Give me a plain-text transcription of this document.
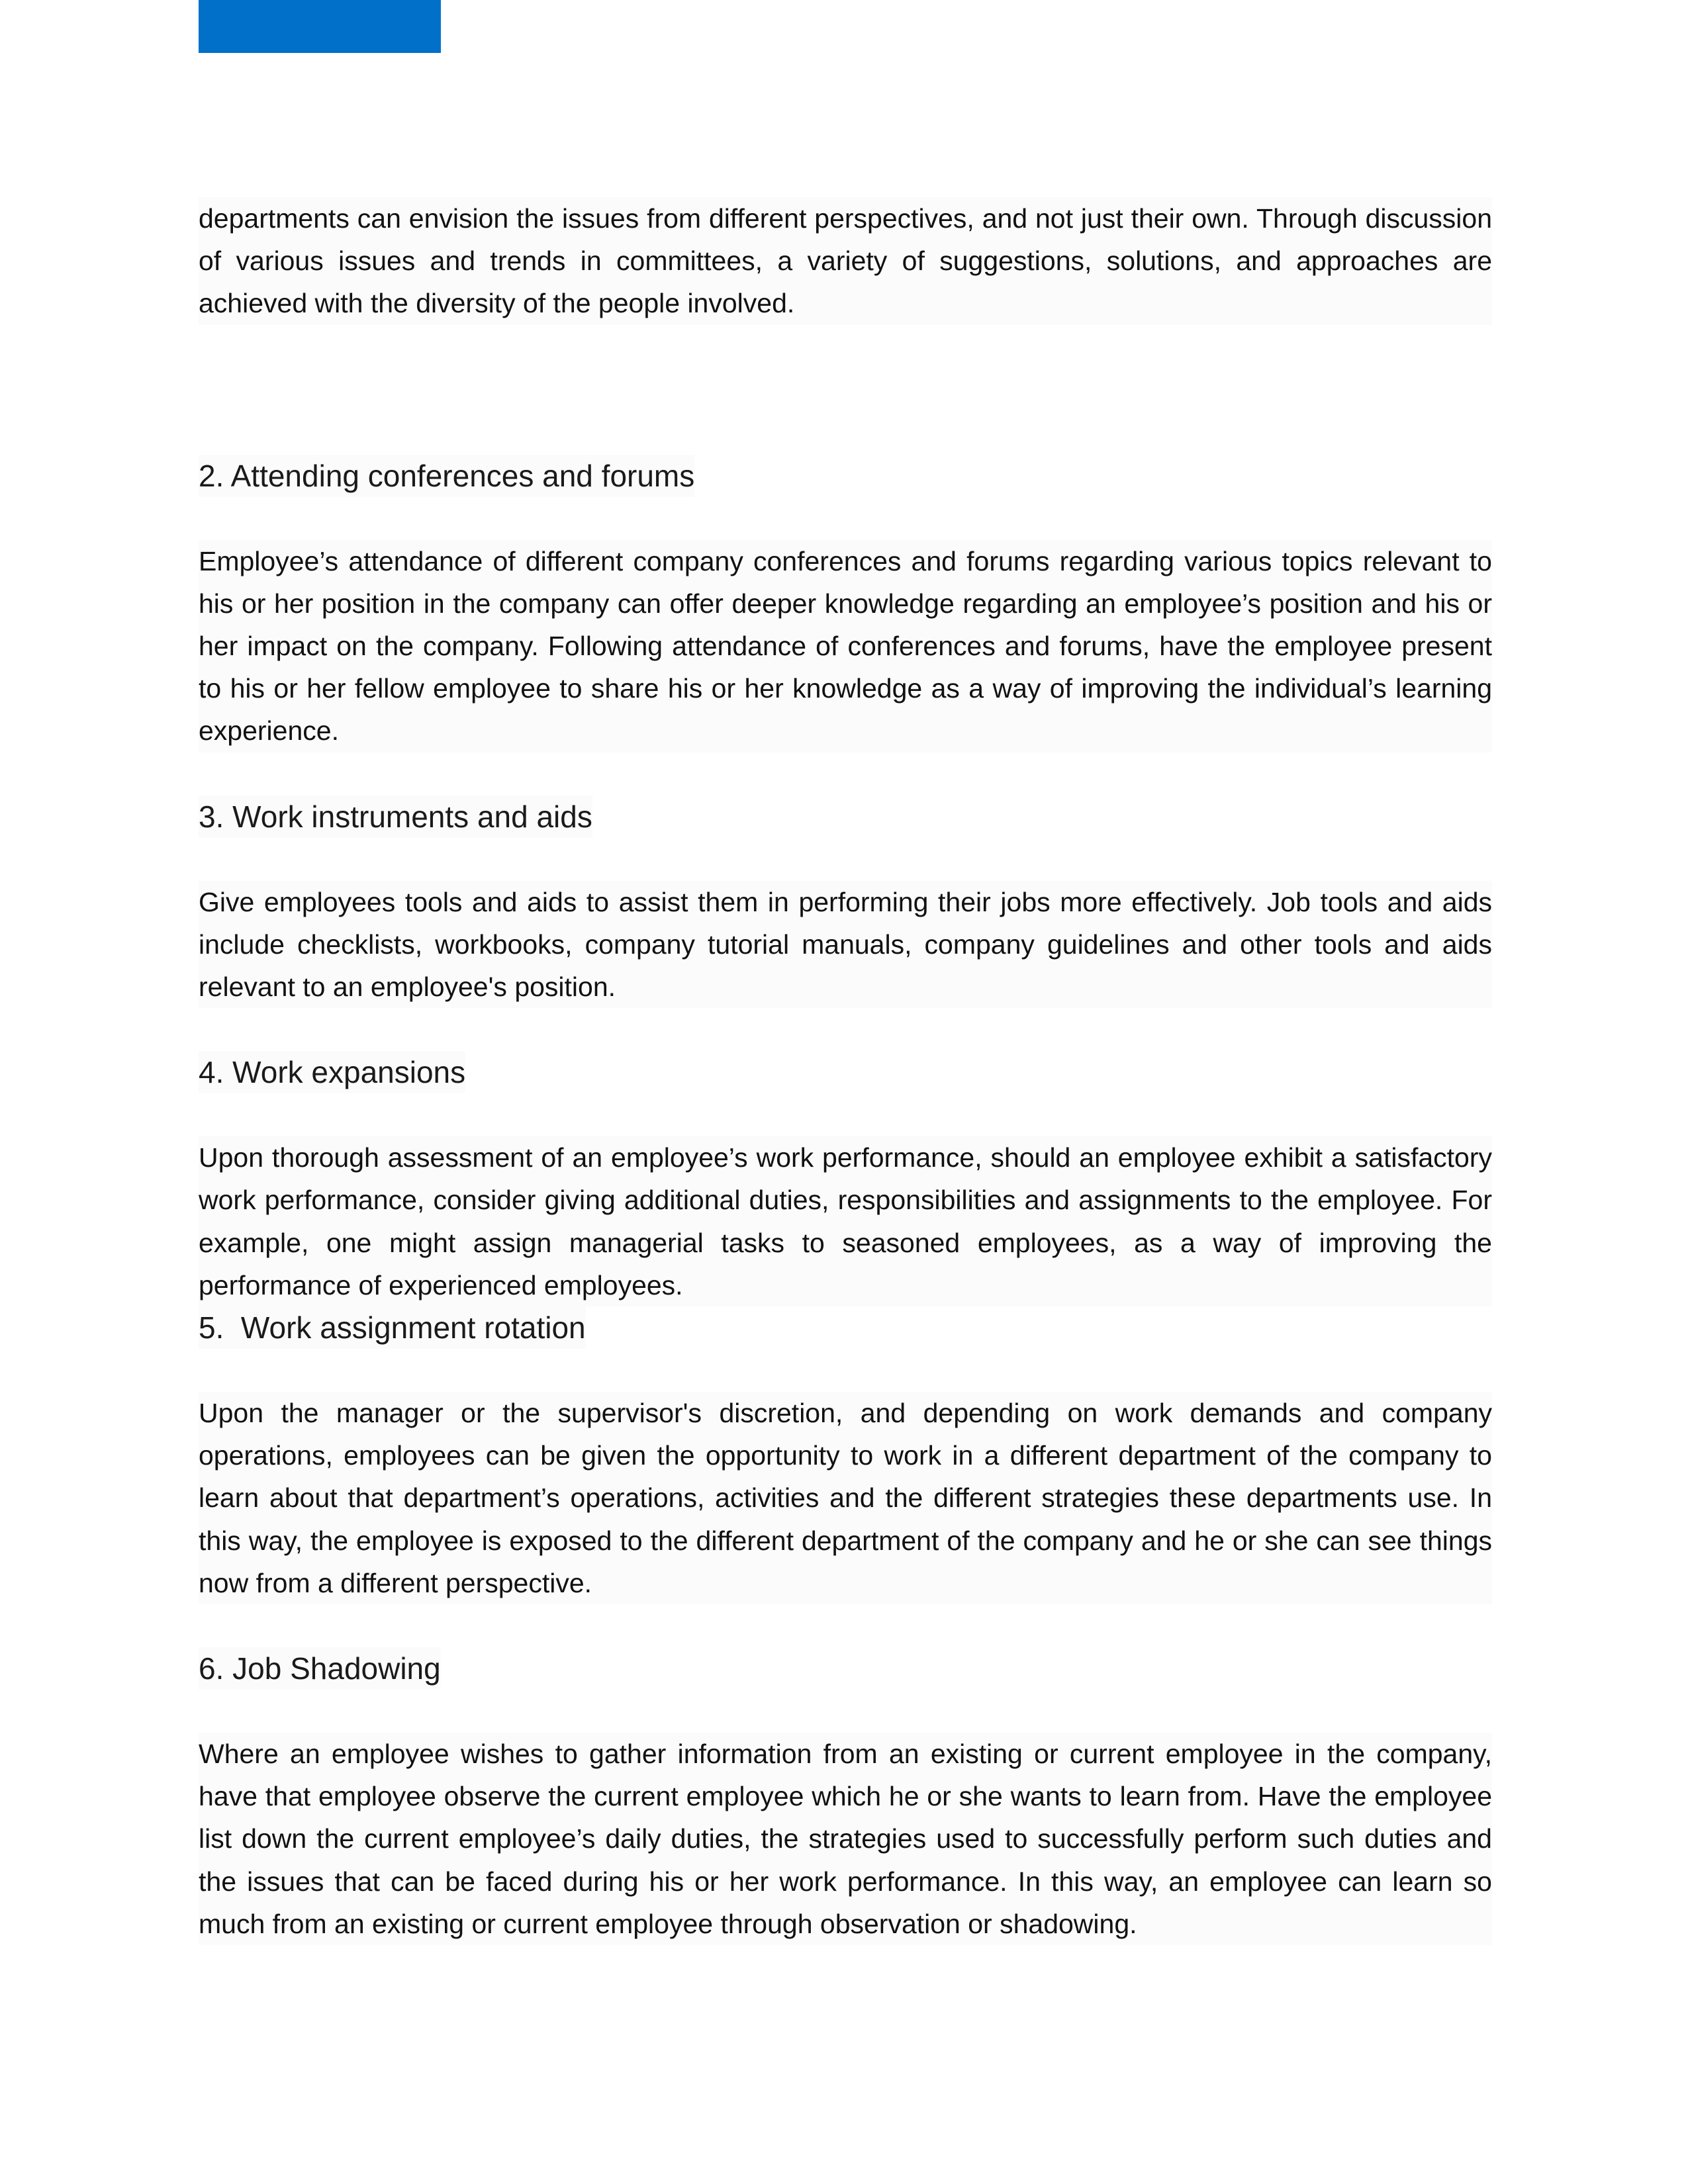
departments can envision the issues from different perspectives, and not just their own. Through discussion of various issues and trends in committees, a variety of suggestions, solutions, and approaches are achieved with the diversity of the people involved.

2. Attending conferences and forums

Employee’s attendance of different company conferences and forums regarding various topics relevant to his or her position in the company can offer deeper knowledge regarding an employee’s position and his or her impact on the company. Following attendance of conferences and forums, have the employee present to his or her fellow employee to share his or her knowledge as a way of improving the individual’s learning experience.

3. Work instruments and aids

Give employees tools and aids to assist them in performing their jobs more effectively. Job tools and aids include checklists, workbooks, company tutorial manuals, company guidelines and other tools and aids relevant to an employee's position.

4. Work expansions

Upon thorough assessment of an employee’s work performance, should an employee exhibit a satisfactory work performance, consider giving additional duties, responsibilities and assignments to the employee. For example, one might assign managerial tasks to seasoned employees, as a way of improving the performance of experienced employees.

5.  Work assignment rotation

Upon the manager or the supervisor's discretion, and depending on work demands and company operations, employees can be given the opportunity to work in a different department of the company to learn about that department’s operations, activities and the different strategies these departments use. In this way, the employee is exposed to the different department of the company and he or she can see things now from a different perspective.

6. Job Shadowing

Where an employee wishes to gather information from an existing or current employee in the company, have that employee observe the current employee which he or she wants to learn from. Have the employee list down the current employee’s daily duties, the strategies used to successfully perform such duties and the issues that can be faced during his or her work performance. In this way, an employee can learn so much from an existing or current employee through observation or shadowing.
